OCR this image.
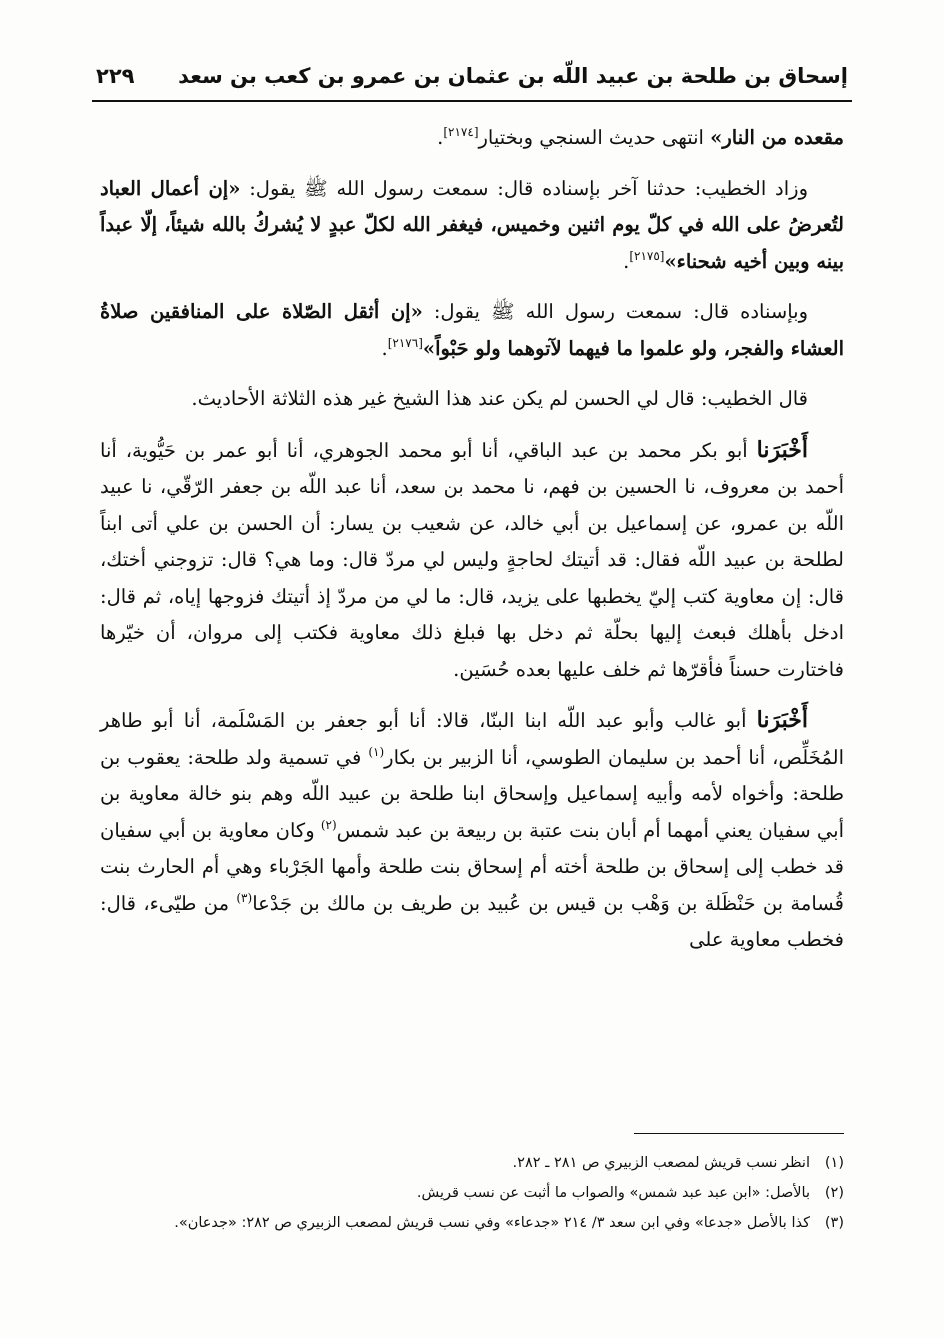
إسحاق بن طلحة بن عبيد اللّه بن عثمان بن عمرو بن كعب بن سعد
٢٢٩

مقعده من النار» انتهى حديث السنجي وبختيار[٢١٧٤].

وزاد الخطيب: حدثنا آخر بإسناده قال: سمعت رسول الله ﷺ يقول: «إن أعمال العباد لتُعرضُ على الله في كلّ يوم اثنين وخميس، فيغفر الله لكلّ عبدٍ لا يُشركُ بالله شيئاً، إلّا عبداً بينه وبين أخيه شحناء»[٢١٧٥].

وبإسناده قال: سمعت رسول الله ﷺ يقول: «إن أثقل الصّلاة على المنافقين صلاةُ العشاء والفجر، ولو علموا ما فيهما لآتوهما ولو حَبْواً»[٢١٧٦].

قال الخطيب: قال لي الحسن لم يكن عند هذا الشيخ غير هذه الثلاثة الأحاديث.

أَخْبَرَنا أبو بكر محمد بن عبد الباقي، أنا أبو محمد الجوهري، أنا أبو عمر بن حَيُّوية، أنا أحمد بن معروف، نا الحسين بن فهم، نا محمد بن سعد، أنا عبد اللّه بن جعفر الرّقّي، نا عبيد اللّه بن عمرو، عن إسماعيل بن أبي خالد، عن شعيب بن يسار: أن الحسن بن علي أتى ابناً لطلحة بن عبيد اللّه فقال: قد أتيتك لحاجةٍ وليس لي مردّ قال: وما هي؟ قال: تزوجني أختك، قال: إن معاوية كتب إليّ يخطبها على يزيد، قال: ما لي من مردّ إذ أتيتك فزوجها إياه، ثم قال: ادخل بأهلك فبعث إليها بحلّة ثم دخل بها فبلغ ذلك معاوية فكتب إلى مروان، أن خيّرها فاختارت حسناً فأقرّها ثم خلف عليها بعده حُسَين.

أَخْبَرَنا أبو غالب وأبو عبد اللّه ابنا البنّا، قالا: أنا أبو جعفر بن المَسْلَمة، أنا أبو طاهر المُخَلِّص، أنا أحمد بن سليمان الطوسي، أنا الزبير بن بكار$^{(١)}$ في تسمية ولد طلحة: يعقوب بن طلحة: وأخواه لأمه وأبيه إسماعيل وإسحاق ابنا طلحة بن عبيد اللّه وهم بنو خالة معاوية بن أبي سفيان يعني أمهما أم أبان بنت عتبة بن ربيعة بن عبد شمس$^{(٢)}$ وكان معاوية بن أبي سفيان قد خطب إلى إسحاق بن طلحة أخته أم إسحاق بنت طلحة وأمها الجَرْباء وهي أم الحارث بنت قُسامة بن حَنْظَلة بن وَهْب بن قيس بن عُبيد بن طريف بن مالك بن جَدْعا$^{(٣)}$ من طيّىء، قال: فخطب معاوية على

(١)
انظر نسب قريش لمصعب الزبيري ص ٢٨١ ـ ٢٨٢.
(٢)
بالأصل: «ابن عبد عبد شمس» والصواب ما أثبت عن نسب قريش.
(٣)
كذا بالأصل «جدعا» وفي ابن سعد ٣/ ٢١٤ «جدعاء» وفي نسب قريش لمصعب الزبيري ص ٢٨٢: «جدعان».
